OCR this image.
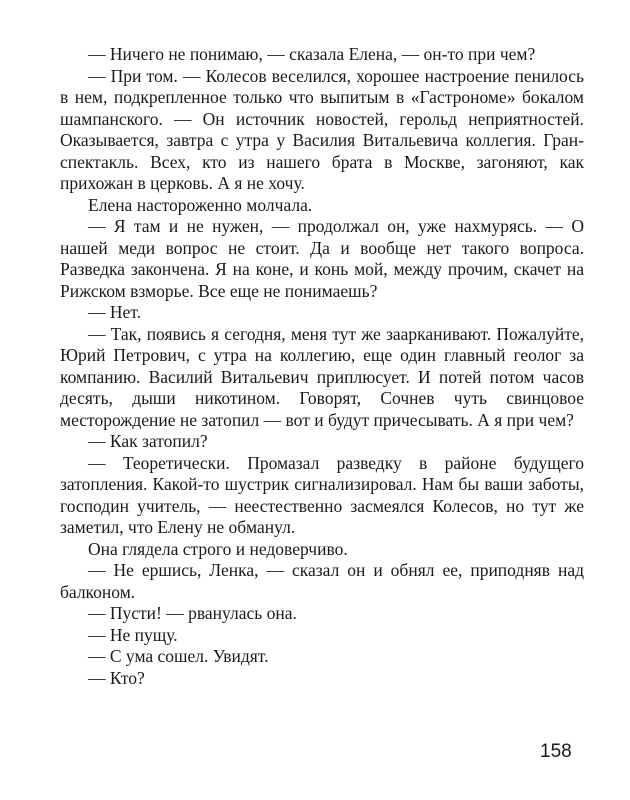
— Ничего не понимаю, — сказала Елена, — он-то при чем?

— При том. — Колесов веселился, хорошее настроение пенилось в нем, подкрепленное только что выпитым в «Гастрономе» бокалом шампанского. — Он источник новостей, герольд неприятностей. Оказывается, завтра с утра у Василия Витальевича коллегия. Гран-спектакль. Всех, кто из нашего брата в Москве, загоняют, как прихожан в церковь. А я не хочу.

Елена настороженно молчала.

— Я там и не нужен, — продолжал он, уже нахмурясь. — О нашей меди вопрос не стоит. Да и вообще нет такого вопроса. Разведка закончена. Я на коне, и конь мой, между прочим, скачет на Рижском взморье. Все еще не понимаешь?

— Нет.

— Так, появись я сегодня, меня тут же заарканивают. Пожалуйте, Юрий Петрович, с утра на коллегию, еще один главный геолог за компанию. Василий Витальевич приплюсует. И потей потом часов десять, дыши никотином. Говорят, Сочнев чуть свинцовое месторождение не затопил — вот и будут причесывать. А я при чем?

— Как затопил?

— Теоретически. Промазал разведку в районе будущего затопления. Какой-то шустрик сигнализировал. Нам бы ваши заботы, господин учитель, — неестественно засмеялся Колесов, но тут же заметил, что Елену не обманул.

Она глядела строго и недоверчиво.

— Не ершись, Ленка, — сказал он и обнял ее, приподняв над балконом.

— Пусти! — рванулась она.

— Не пущу.

— С ума сошел. Увидят.

— Кто?

158
